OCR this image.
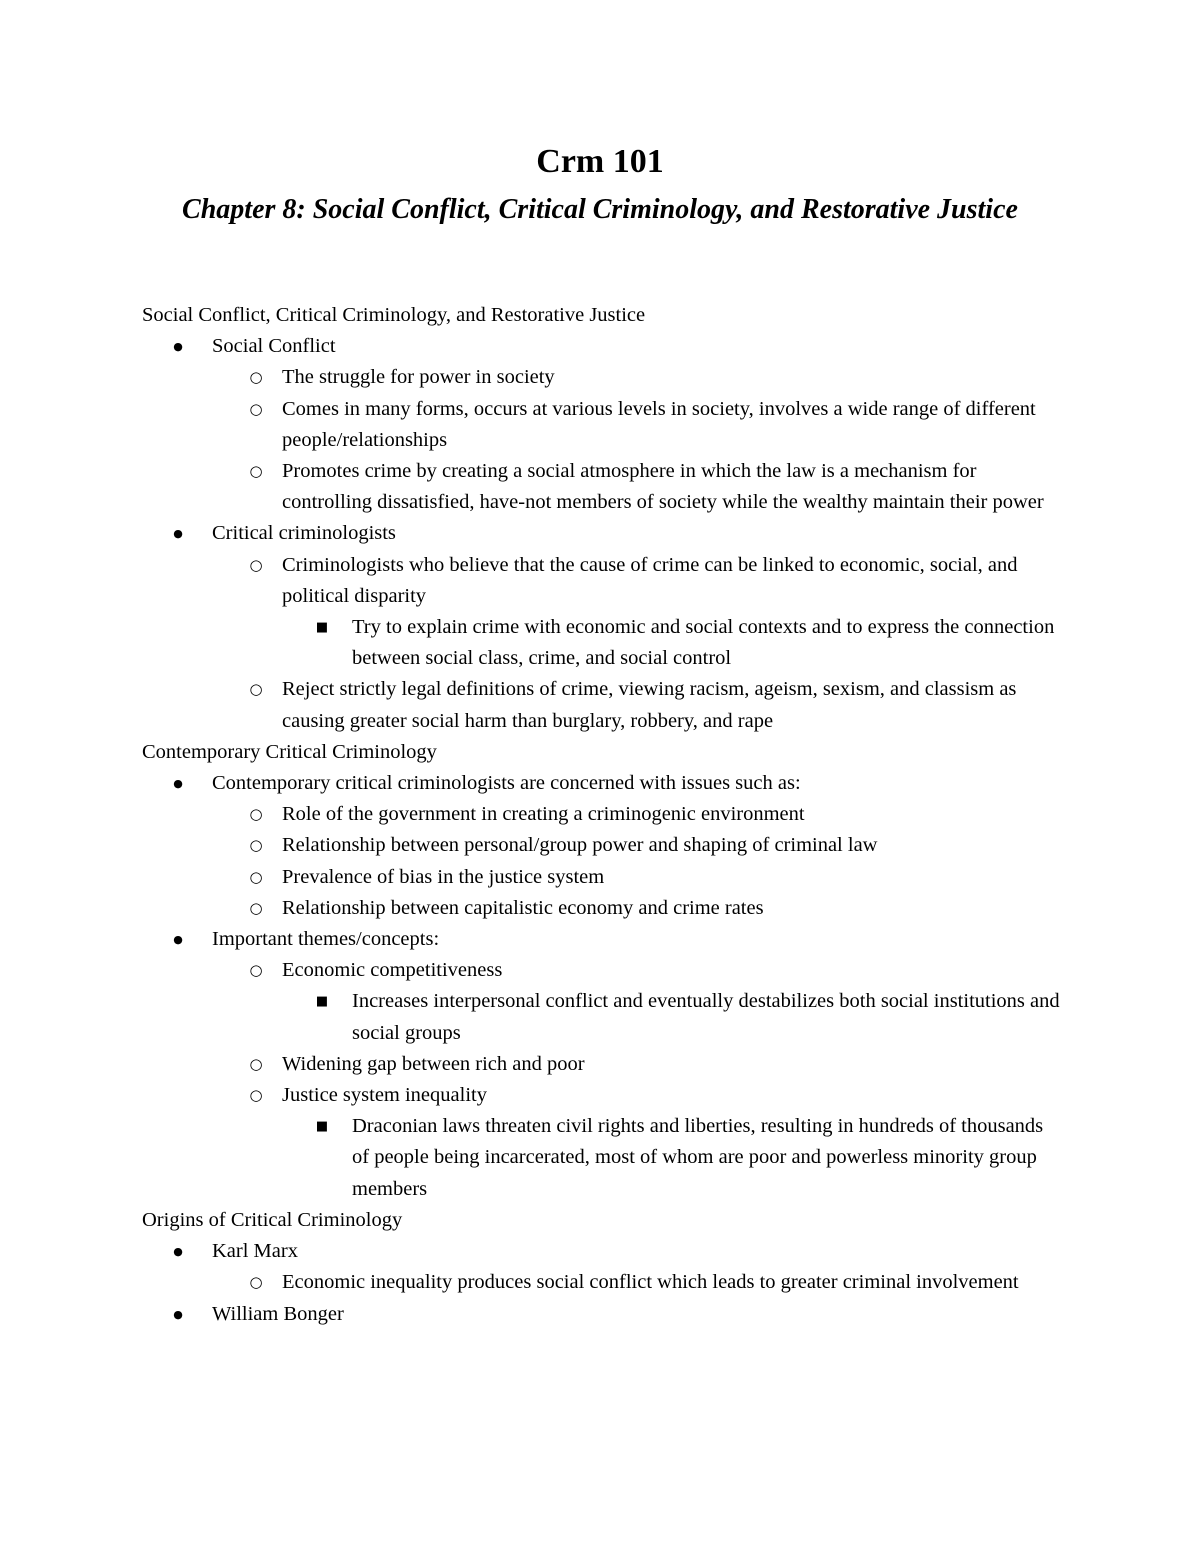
Crm 101
Chapter 8: Social Conflict, Critical Criminology, and Restorative Justice

Social Conflict, Critical Criminology, and Restorative Justice

● Social Conflict
○ The struggle for power in society
○ Comes in many forms, occurs at various levels in society, involves a wide range of different people/relationships
○ Promotes crime by creating a social atmosphere in which the law is a mechanism for controlling dissatisfied, have-not members of society while the wealthy maintain their power
● Critical criminologists
○ Criminologists who believe that the cause of crime can be linked to economic, social, and political disparity
■ Try to explain crime with economic and social contexts and to express the connection between social class, crime, and social control
○ Reject strictly legal definitions of crime, viewing racism, ageism, sexism, and classism as causing greater social harm than burglary, robbery, and rape

Contemporary Critical Criminology

● Contemporary critical criminologists are concerned with issues such as:
○ Role of the government in creating a criminogenic environment
○ Relationship between personal/group power and shaping of criminal law
○ Prevalence of bias in the justice system
○ Relationship between capitalistic economy and crime rates
● Important themes/concepts:
○ Economic competitiveness
■ Increases interpersonal conflict and eventually destabilizes both social institutions and social groups
○ Widening gap between rich and poor
○ Justice system inequality
■ Draconian laws threaten civil rights and liberties, resulting in hundreds of thousands of people being incarcerated, most of whom are poor and powerless minority group members

Origins of Critical Criminology

● Karl Marx
○ Economic inequality produces social conflict which leads to greater criminal involvement
● William Bonger
